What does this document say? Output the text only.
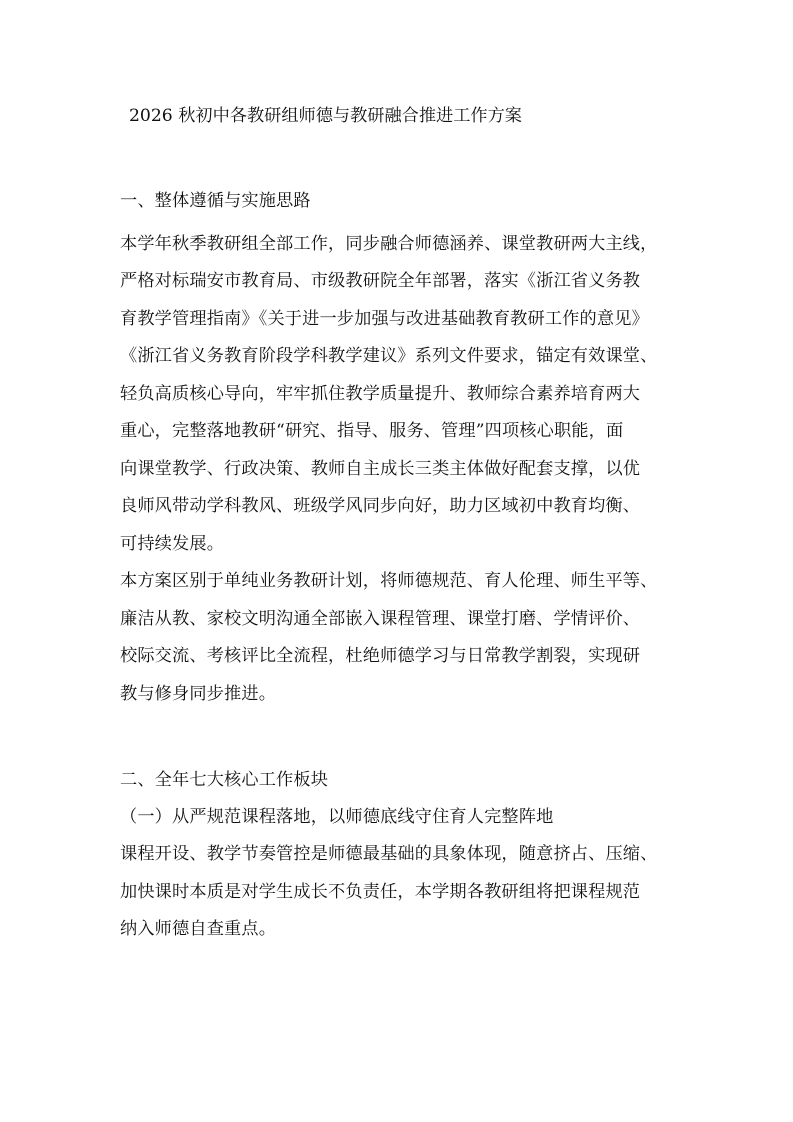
2026 秋初中各教研组师德与教研融合推进工作方案
一、整体遵循与实施思路
本学年秋季教研组全部工作，同步融合师德涵养、课堂教研两大主线，
严格对标瑞安市教育局、市级教研院全年部署，落实《浙江省义务教
育教学管理指南》《关于进一步加强与改进基础教育教研工作的意见》
《浙江省义务教育阶段学科教学建议》系列文件要求，锚定有效课堂、
轻负高质核心导向，牢牢抓住教学质量提升、教师综合素养培育两大
重心，完整落地教研“研究、指导、服务、管理”四项核心职能，面
向课堂教学、行政决策、教师自主成长三类主体做好配套支撑，以优
良师风带动学科教风、班级学风同步向好，助力区域初中教育均衡、
可持续发展。
本方案区别于单纯业务教研计划，将师德规范、育人伦理、师生平等、
廉洁从教、家校文明沟通全部嵌入课程管理、课堂打磨、学情评价、
校际交流、考核评比全流程，杜绝师德学习与日常教学割裂，实现研
教与修身同步推进。
二、全年七大核心工作板块
（一）从严规范课程落地，以师德底线守住育人完整阵地
课程开设、教学节奏管控是师德最基础的具象体现，随意挤占、压缩、
加快课时本质是对学生成长不负责任，本学期各教研组将把课程规范
纳入师德自查重点。
